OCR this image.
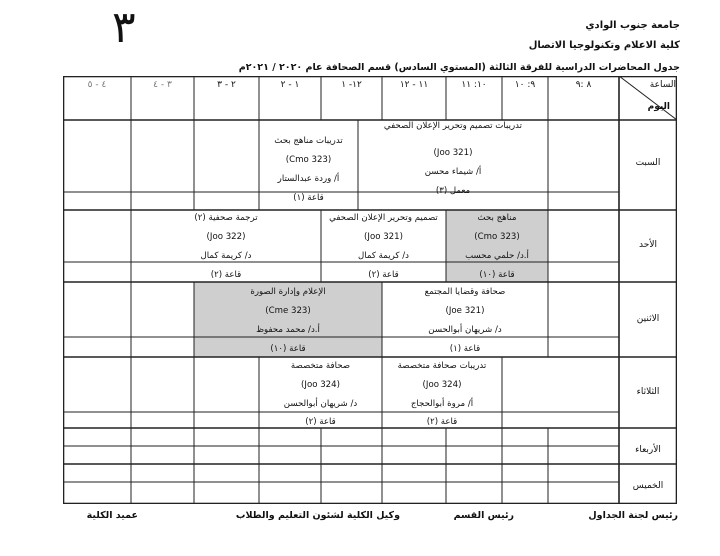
جامعة جنوب الوادي
كلية الاعلام وتكنولوجيا الاتصال
جدول المحاضرات الدراسية للفرقة الثالثة (المستوي السادس) قسم الصحافة عام ٢٠٢٠ / ٢٠٢١م
٣
الساعة
اليوم
٨ :٩
٩: ١٠
١٠: ١١
١١ - ١٢
١٢- ١
١ - ٢
٢ - ٣
٣ - ٤
٤ - ٥
السبت
الأحد
الاثنين
الثلاثاء
الأربعاء
الخميس
تدريبات تصميم وتحرير الإعلان الصحفي
(Joo 321)
أ/ شيماء محسن
معمل (٣)
تدريبات مناهج بحث
(Cmo 323)
أ/ وردة عبدالستار
قاعة (١)
مناهج بحث
(Cmo 323)
أ.د/ حلمي محسب
قاعة (١٠)
تصميم وتحرير الإعلان الصحفي
(Joo 321)
د/ كريمة كمال
قاعة (٢)
ترجمة صحفية (٢)
(Joo 322)
د/ كريمة كمال
قاعة (٢)
صحافة وقضايا المجتمع
(Joe 321)
د/ شريهان أبوالحسن
قاعة (١)
الإعلام وإدارة الصورة
(Cme 323)
أ.د/ محمد محفوظ
قاعة (١٠)
تدريبات صحافة متخصصة
(Joo 324)
أ/ مروة أبوالحجاج
قاعة (٢)
صحافة متخصصة
(Joo 324)
د/ شريهان أبوالحسن
قاعة (٢)
رئيس لجنة الجداول
رئيس القسم
وكيل الكلية لشئون التعليم والطلاب
عميد الكلية
